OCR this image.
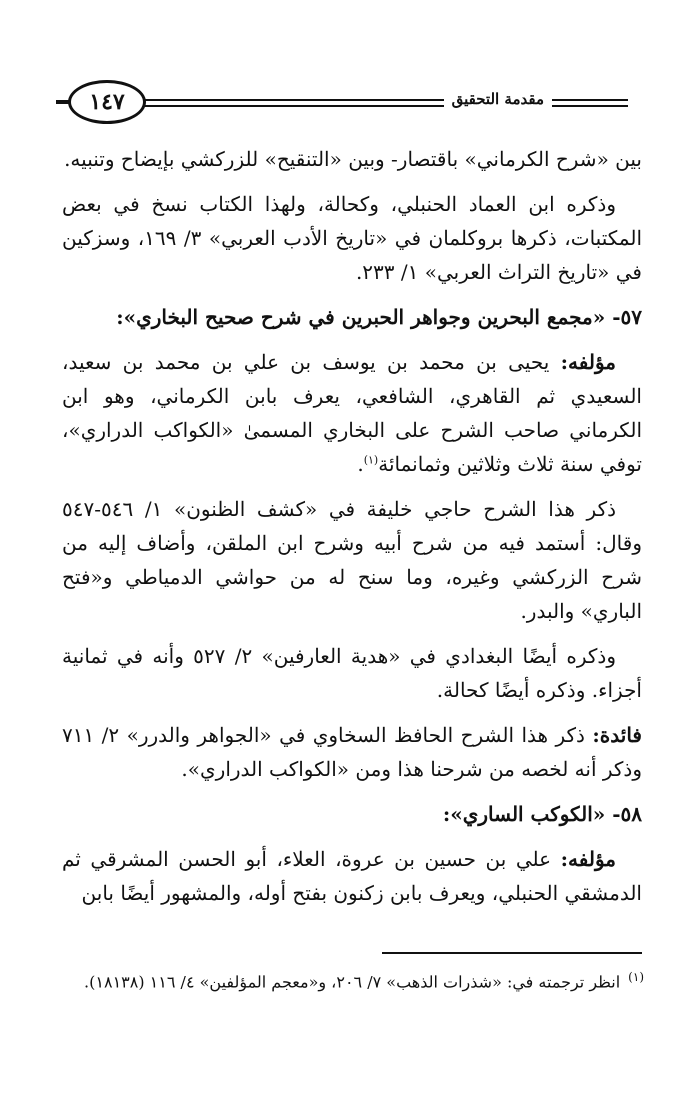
١٤٧	مقدمة التحقيق

بين «شرح الكرماني» باقتصار- وبين «التنقيح» للزركشي بإيضاح وتنبيه.

وذكره ابن العماد الحنبلي، وكحالة، ولهذا الكتاب نسخ في بعض المكتبات، ذكرها بروكلمان في «تاريخ الأدب العربي» ٣/ ١٦٩، وسزكين في «تاريخ التراث العربي» ١/ ٢٣٣.

٥٧- «مجمع البحرين وجواهر الحبرين في شرح صحيح البخاري»:

مؤلفه: يحيى بن محمد بن يوسف بن علي بن محمد بن سعيد، السعيدي ثم القاهري، الشافعي، يعرف بابن الكرماني، وهو ابن الكرماني صاحب الشرح على البخاري المسمىٰ «الكواكب الدراري»، توفي سنة ثلاث وثلاثين وثمانمائة$^{(١)}$.

ذكر هذا الشرح حاجي خليفة في «كشف الظنون» ١/ ٥٤٦-٥٤٧ وقال: أستمد فيه من شرح أبيه وشرح ابن الملقن، وأضاف إليه من شرح الزركشي وغيره، وما سنح له من حواشي الدمياطي و«فتح الباري» والبدر.

وذكره أيضًا البغدادي في «هدية العارفين» ٢/ ٥٢٧ وأنه في ثمانية أجزاء. وذكره أيضًا كحالة.

فائدة: ذكر هذا الشرح الحافظ السخاوي في «الجواهر والدرر» ٢/ ٧١١ وذكر أنه لخصه من شرحنا هذا ومن «الكواكب الدراري».

٥٨- «الكوكب الساري»:

مؤلفه: علي بن حسين بن عروة، العلاء، أبو الحسن المشرقي ثم الدمشقي الحنبلي، ويعرف بابن زكنون بفتح أوله، والمشهور أيضًا بابن

$^{(١)}$انظر ترجمته في: «شذرات الذهب» ٧/ ٢٠٦، و«معجم المؤلفين» ٤/ ١١٦ (١٨١٣٨).
